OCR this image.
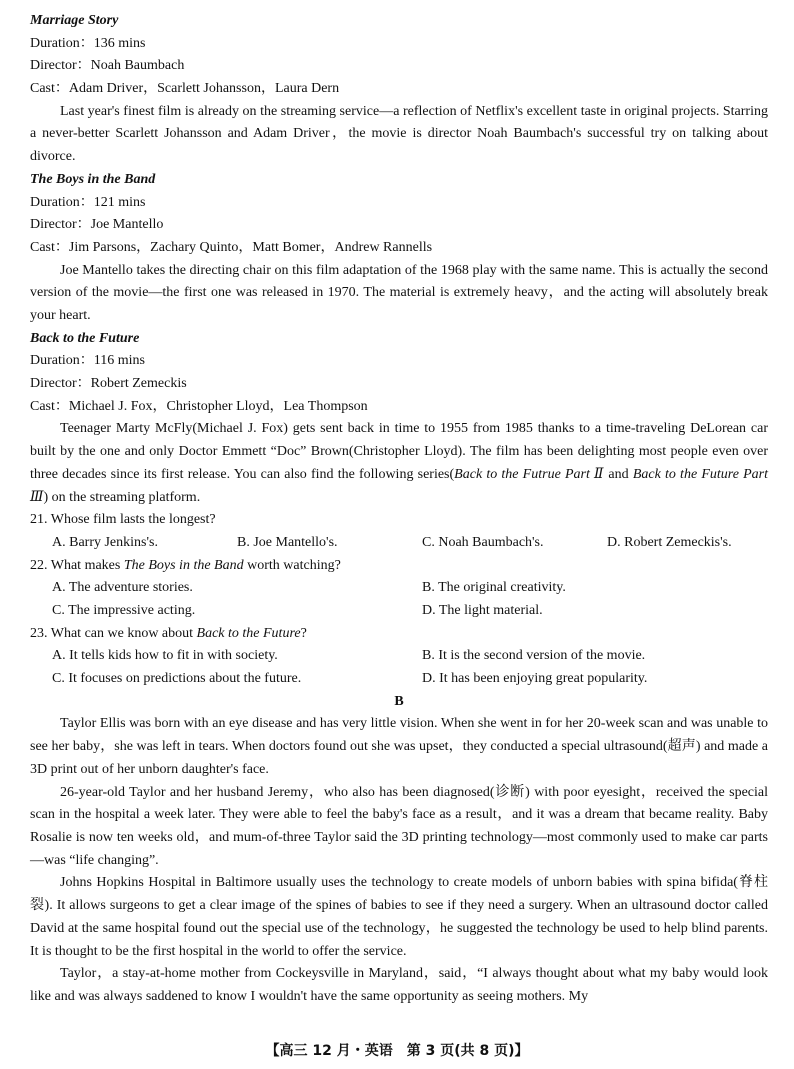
Marriage Story
Duration：136 mins
Director：Noah Baumbach
Cast：Adam Driver，Scarlett Johansson，Laura Dern

Last year's finest film is already on the streaming service—a reflection of Netflix's excellent taste in original projects. Starring a never-better Scarlett Johansson and Adam Driver，the movie is director Noah Baumbach's successful try on talking about divorce.

The Boys in the Band
Duration：121 mins
Director：Joe Mantello
Cast：Jim Parsons，Zachary Quinto，Matt Bomer，Andrew Rannells

Joe Mantello takes the directing chair on this film adaptation of the 1968 play with the same name. This is actually the second version of the movie—the first one was released in 1970. The material is extremely heavy，and the acting will absolutely break your heart.

Back to the Future
Duration：116 mins
Director：Robert Zemeckis
Cast：Michael J. Fox，Christopher Lloyd，Lea Thompson

Teenager Marty McFly(Michael J. Fox) gets sent back in time to 1955 from 1985 thanks to a time-traveling DeLorean car built by the one and only Doctor Emmett “Doc” Brown(Christopher Lloyd). The film has been delighting most people even over three decades since its first release. You can also find the following series(Back to the Futrue Part Ⅱ and Back to the Future Part Ⅲ) on the streaming platform.

21. Whose film lasts the longest?
A. Barry Jenkins's.	B. Joe Mantello's.	C. Noah Baumbach's.	D. Robert Zemeckis's.
22. What makes The Boys in the Band worth watching?
A. The adventure stories.	B. The original creativity.
C. The impressive acting.	D. The light material.
23. What can we know about Back to the Future?
A. It tells kids how to fit in with society.	B. It is the second version of the movie.
C. It focuses on predictions about the future.	D. It has been enjoying great popularity.
B

Taylor Ellis was born with an eye disease and has very little vision. When she went in for her 20-week scan and was unable to see her baby，she was left in tears. When doctors found out she was upset，they conducted a special ultrasound(超声) and made a 3D print out of her unborn daughter's face.

26-year-old Taylor and her husband Jeremy，who also has been diagnosed(诊断) with poor eyesight，received the special scan in the hospital a week later. They were able to feel the baby's face as a result，and it was a dream that became reality. Baby Rosalie is now ten weeks old，and mum-of-three Taylor said the 3D printing technology—most commonly used to make car parts—was “life changing”.

Johns Hopkins Hospital in Baltimore usually uses the technology to create models of unborn babies with spina bifida(脊柱裂). It allows surgeons to get a clear image of the spines of babies to see if they need a surgery. When an ultrasound doctor called David at the same hospital found out the special use of the technology，he suggested the technology be used to help blind parents. It is thought to be the first hospital in the world to offer the service.

Taylor，a stay-at-home mother from Cockeysville in Maryland，said，“I always thought about what my baby would look like and was always saddened to know I wouldn't have the same opportunity as seeing mothers. My

【高三 12 月・英语　第 3 页(共 8 页)】
